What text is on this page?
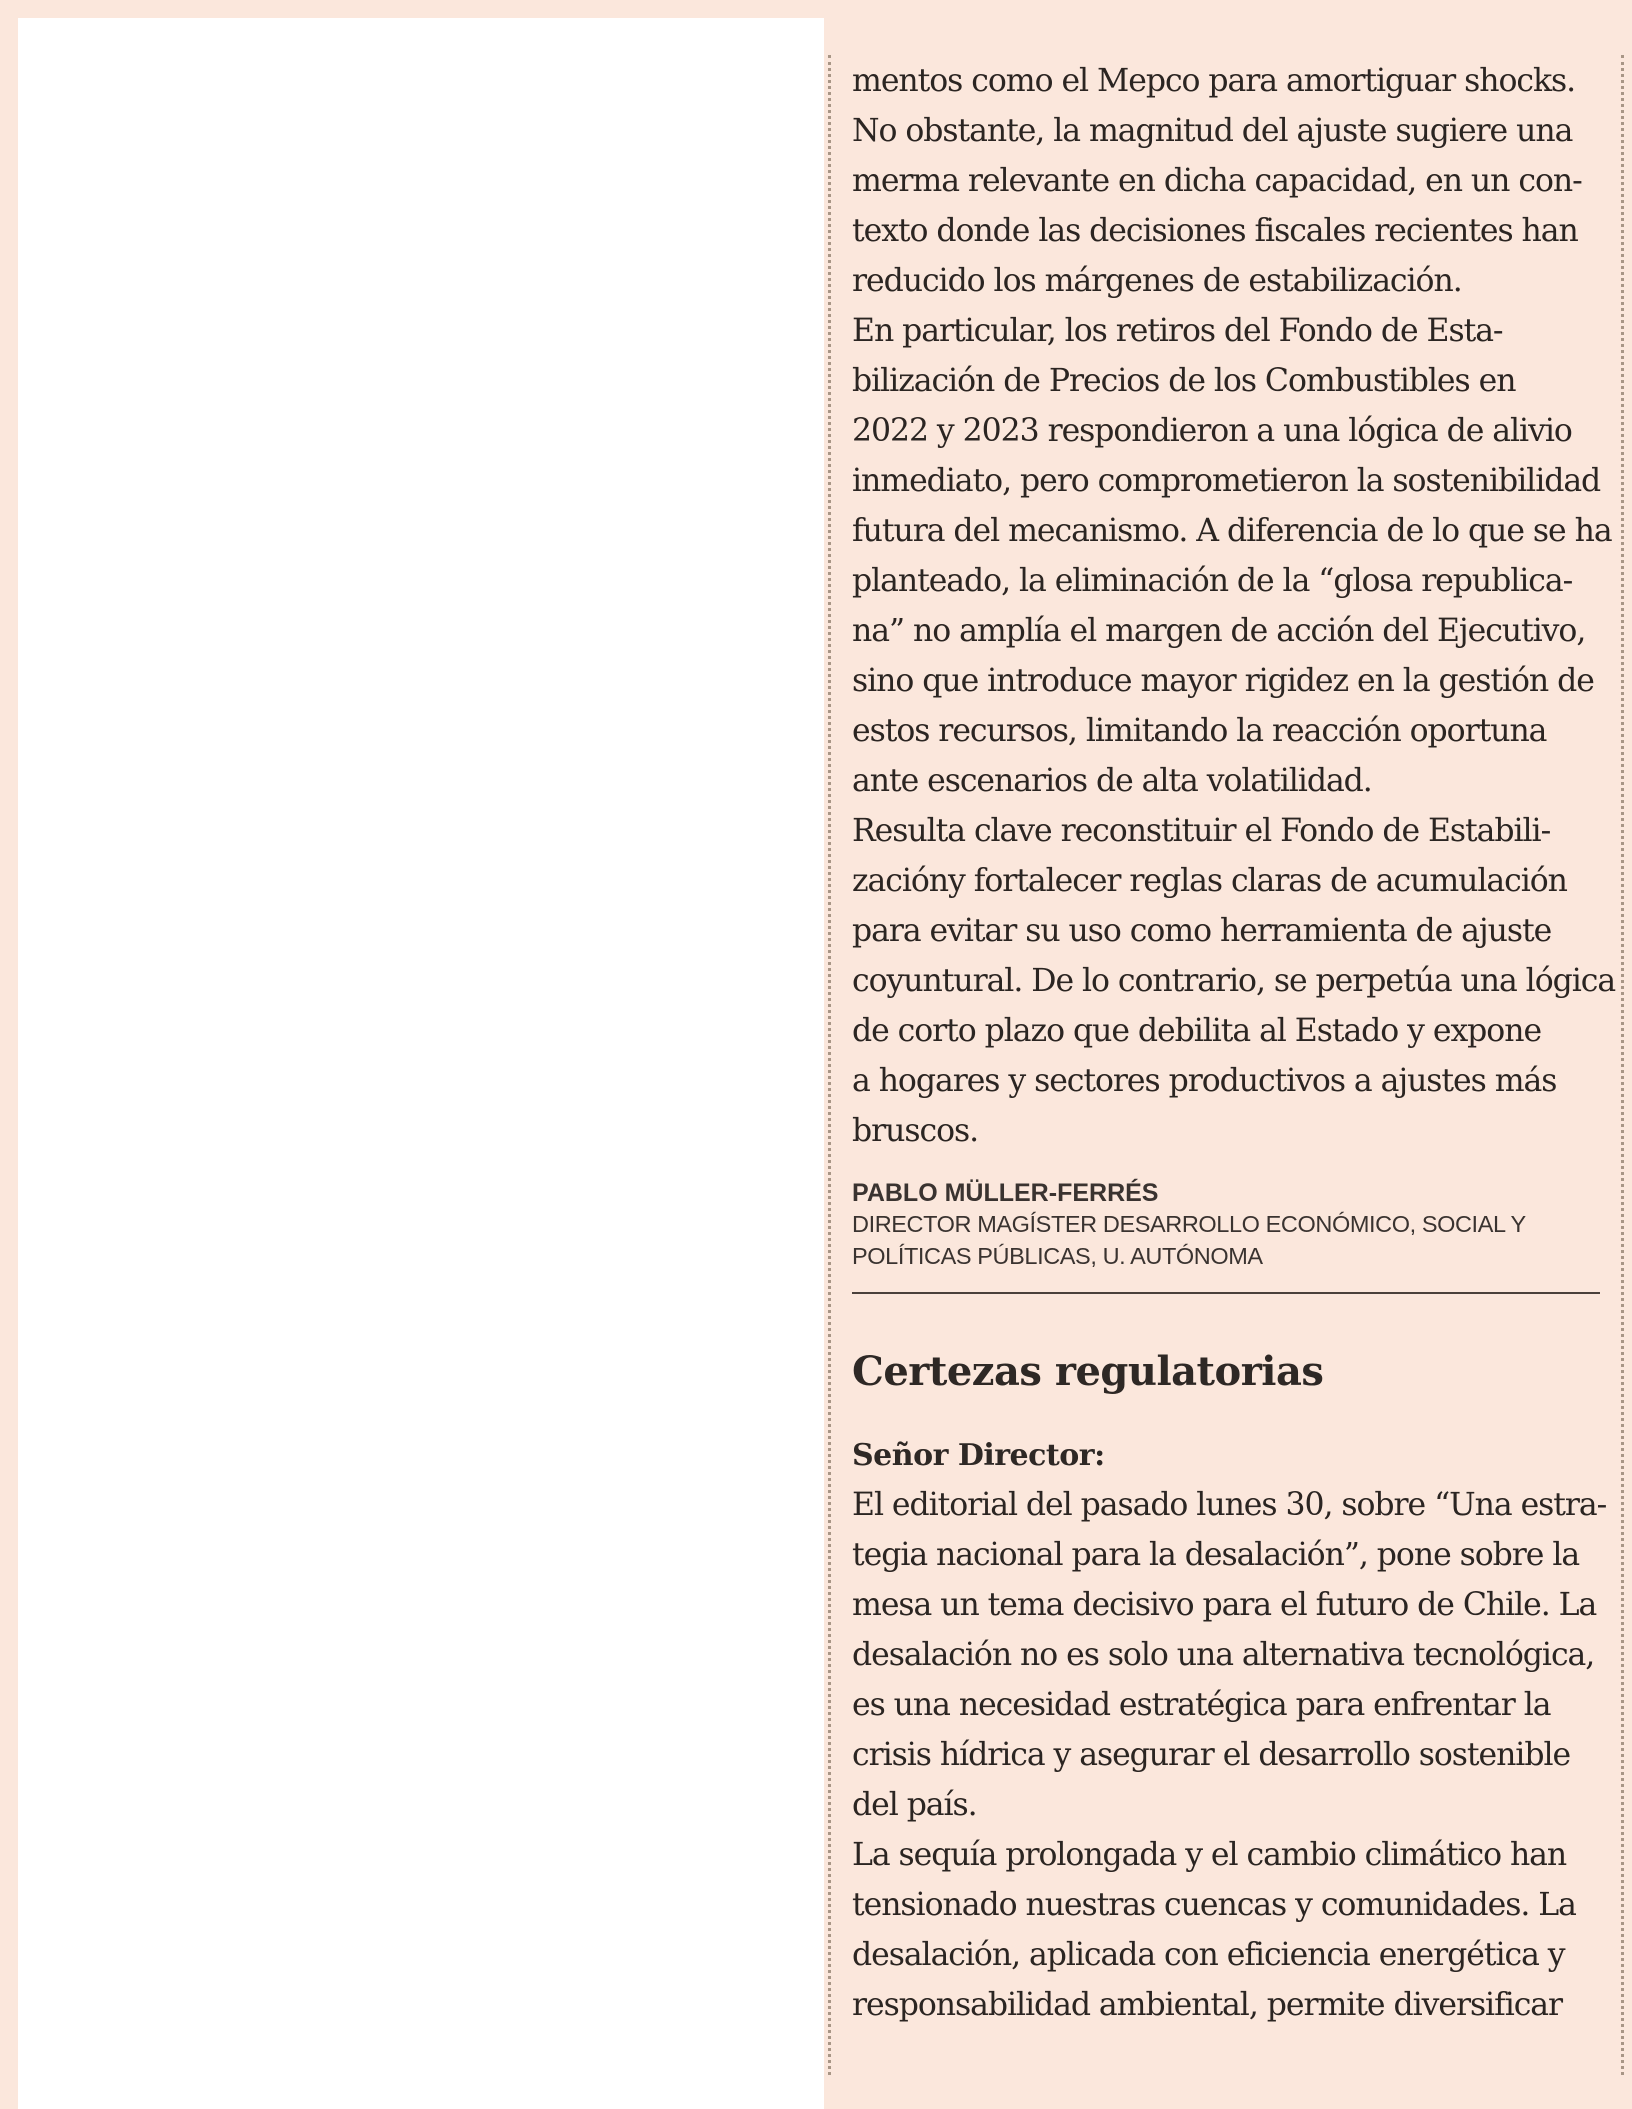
mentos como el Mepco para amortiguar shocks.
No obstante, la magnitud del ajuste sugiere una
merma relevante en dicha capacidad, en un con-
texto donde las decisiones fiscales recientes han
reducido los márgenes de estabilización.
En particular, los retiros del Fondo de Esta-
bilización de Precios de los Combustibles en
2022 y 2023 respondieron a una lógica de alivio
inmediato, pero comprometieron la sostenibilidad
futura del mecanismo. A diferencia de lo que se ha
planteado, la eliminación de la “glosa republica-
na” no amplía el margen de acción del Ejecutivo,
sino que introduce mayor rigidez en la gestión de
estos recursos, limitando la reacción oportuna
ante escenarios de alta volatilidad.
Resulta clave reconstituir el Fondo de Estabili-
zacióny fortalecer reglas claras de acumulación
para evitar su uso como herramienta de ajuste
coyuntural. De lo contrario, se perpetúa una lógica
de corto plazo que debilita al Estado y expone
a hogares y sectores productivos a ajustes más
bruscos.
PABLO MÜLLER-FERRÉS
DIRECTOR MAGÍSTER DESARROLLO ECONÓMICO, SOCIAL Y
POLÍTICAS PÚBLICAS, U. AUTÓNOMA
Certezas regulatorias
Señor Director:
El editorial del pasado lunes 30, sobre “Una estra-
tegia nacional para la desalación”, pone sobre la
mesa un tema decisivo para el futuro de Chile. La
desalación no es solo una alternativa tecnológica,
es una necesidad estratégica para enfrentar la
crisis hídrica y asegurar el desarrollo sostenible
del país.
La sequía prolongada y el cambio climático han
tensionado nuestras cuencas y comunidades. La
desalación, aplicada con eficiencia energética y
responsabilidad ambiental, permite diversificar
